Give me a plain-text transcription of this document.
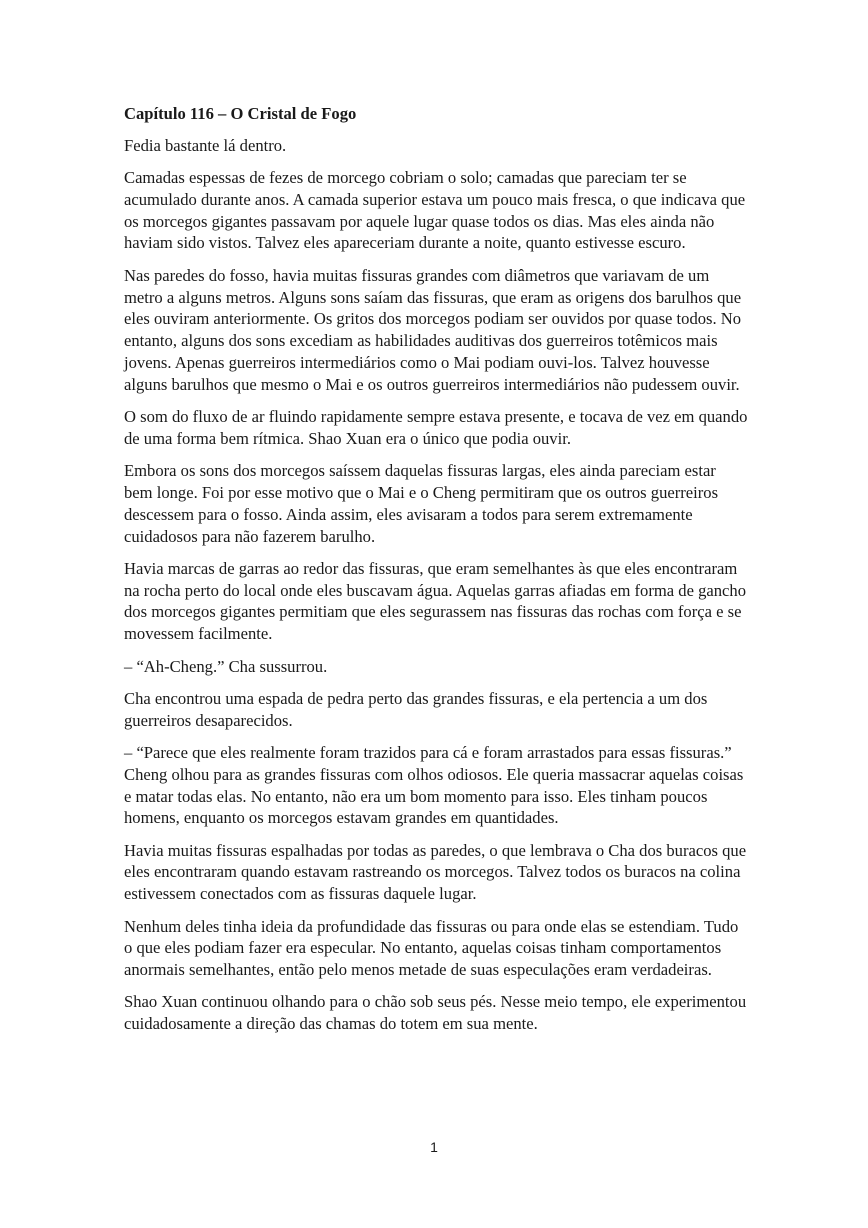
Capítulo 116 – O Cristal de Fogo

Fedia bastante lá dentro.

Camadas espessas de fezes de morcego cobriam o solo; camadas que pareciam ter se acumulado durante anos. A camada superior estava um pouco mais fresca, o que indicava que os morcegos gigantes passavam por aquele lugar quase todos os dias. Mas eles ainda não haviam sido vistos. Talvez eles apareceriam durante a noite, quanto estivesse escuro.

Nas paredes do fosso, havia muitas fissuras grandes com diâmetros que variavam de um metro a alguns metros. Alguns sons saíam das fissuras, que eram as origens dos barulhos que eles ouviram anteriormente. Os gritos dos morcegos podiam ser ouvidos por quase todos. No entanto, alguns dos sons excediam as habilidades auditivas dos guerreiros totêmicos mais jovens. Apenas guerreiros intermediários como o Mai podiam ouvi-los. Talvez houvesse alguns barulhos que mesmo o Mai e os outros guerreiros intermediários não pudessem ouvir.

O som do fluxo de ar fluindo rapidamente sempre estava presente, e tocava de vez em quando de uma forma bem rítmica. Shao Xuan era o único que podia ouvir.

Embora os sons dos morcegos saíssem daquelas fissuras largas, eles ainda pareciam estar bem longe. Foi por esse motivo que o Mai e o Cheng permitiram que os outros guerreiros descessem para o fosso. Ainda assim, eles avisaram a todos para serem extremamente cuidadosos para não fazerem barulho.

Havia marcas de garras ao redor das fissuras, que eram semelhantes às que eles encontraram na rocha perto do local onde eles buscavam água. Aquelas garras afiadas em forma de gancho dos morcegos gigantes permitiam que eles segurassem nas fissuras das rochas com força e se movessem facilmente.

– “Ah-Cheng.” Cha sussurrou.

Cha encontrou uma espada de pedra perto das grandes fissuras, e ela pertencia a um dos guerreiros desaparecidos.

– “Parece que eles realmente foram trazidos para cá e foram arrastados para essas fissuras.” Cheng olhou para as grandes fissuras com olhos odiosos. Ele queria massacrar aquelas coisas e matar todas elas. No entanto, não era um bom momento para isso. Eles tinham poucos homens, enquanto os morcegos estavam grandes em quantidades.

Havia muitas fissuras espalhadas por todas as paredes, o que lembrava o Cha dos buracos que eles encontraram quando estavam rastreando os morcegos. Talvez todos os buracos na colina estivessem conectados com as fissuras daquele lugar.

Nenhum deles tinha ideia da profundidade das fissuras ou para onde elas se estendiam. Tudo o que eles podiam fazer era especular. No entanto, aquelas coisas tinham comportamentos anormais semelhantes, então pelo menos metade de suas especulações eram verdadeiras.

Shao Xuan continuou olhando para o chão sob seus pés. Nesse meio tempo, ele experimentou cuidadosamente a direção das chamas do totem em sua mente.

1
